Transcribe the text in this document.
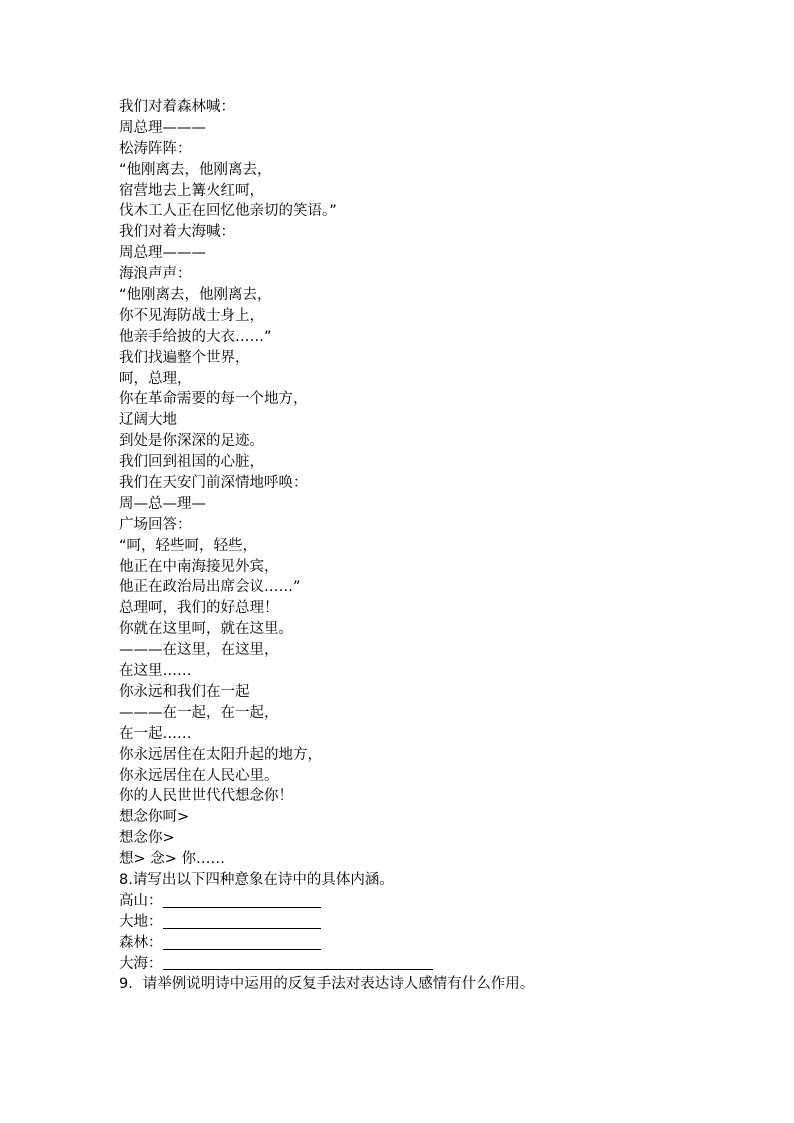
我们对着森林喊：
周总理———
松涛阵阵：
“他刚离去，他刚离去，
宿营地去上篝火红呵，
伐木工人正在回忆他亲切的笑语。”
我们对着大海喊：
周总理———
海浪声声：
“他刚离去，他刚离去，
你不见海防战士身上，
他亲手给披的大衣……”
我们找遍整个世界，
呵，总理，
你在革命需要的每一个地方，
辽阔大地
到处是你深深的足迹。
我们回到祖国的心脏，
我们在天安门前深情地呼唤：
周—总—理—
广场回答：
“呵，轻些呵，轻些，
他正在中南海接见外宾，
他正在政治局出席会议……”
总理呵，我们的好总理！
你就在这里呵，就在这里。
———在这里，在这里，
在这里……
你永远和我们在一起
———在一起，在一起，
在一起……
你永远居住在太阳升起的地方，
你永远居住在人民心里。
你的人民世世代代想念你！
想念你呵>
想念你>
想> 念> 你……
8.请写出以下四种意象在诗中的具体内涵。
高山：
大地：
森林：
大海：
9．请举例说明诗中运用的反复手法对表达诗人感情有什么作用。
